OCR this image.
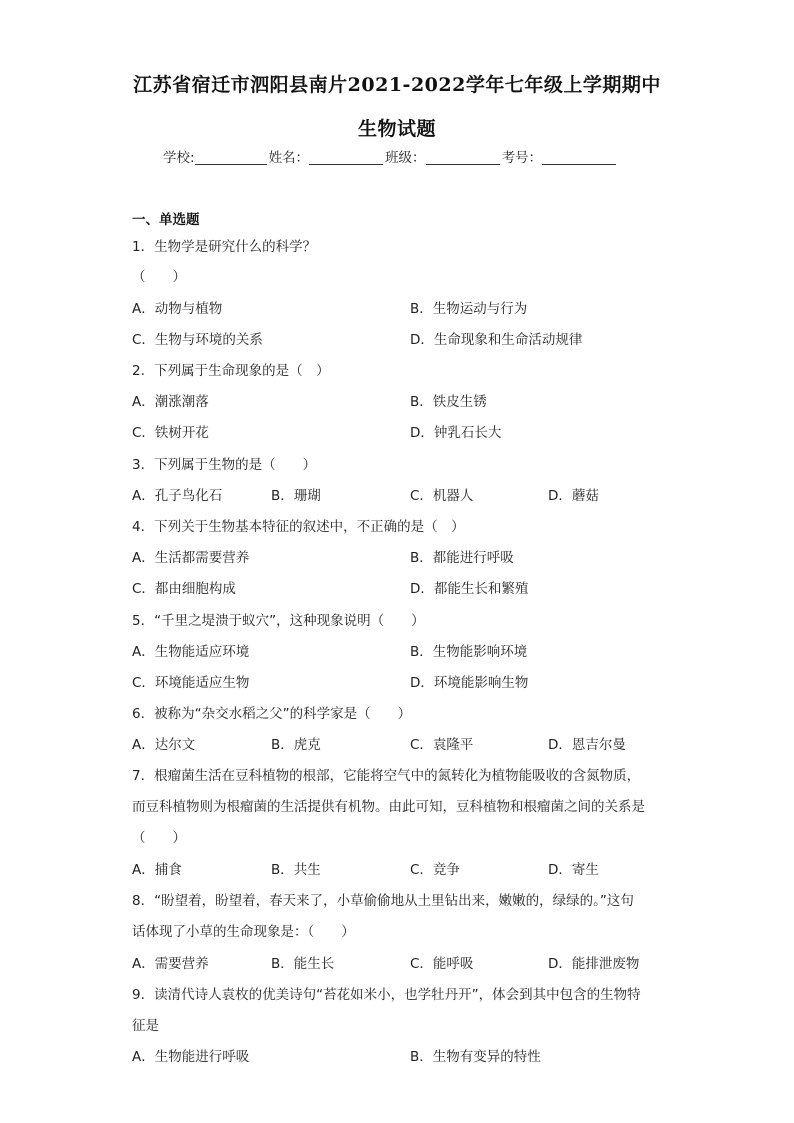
江苏省宿迁市泗阳县南片2021-2022学年七年级上学期期中
生物试题
学校:	姓名：	班级：	考号：
一、单选题
1．生物学是研究什么的科学？
（　　）
A．动物与植物	B．生物运动与行为
C．生物与环境的关系	D．生命现象和生命活动规律
2．下列属于生命现象的是（　）
A．潮涨潮落	B．铁皮生锈
C．铁树开花	D．钟乳石长大
3．下列属于生物的是（　　）
A．孔子鸟化石	B．珊瑚	C．机器人	D．蘑菇
4．下列关于生物基本特征的叙述中，不正确的是（　）
A．生活都需要营养	B．都能进行呼吸
C．都由细胞构成	D．都能生长和繁殖
5．“千里之堤溃于蚁穴”，这种现象说明（　　）
A．生物能适应环境	B．生物能影响环境
C．环境能适应生物	D．环境能影响生物
6．被称为“杂交水稻之父”的科学家是（　　）
A．达尔文	B．虎克	C．袁隆平	D．恩吉尔曼
7．根瘤菌生活在豆科植物的根部，它能将空气中的氮转化为植物能吸收的含氮物质，
而豆科植物则为根瘤菌的生活提供有机物。由此可知，豆科植物和根瘤菌之间的关系是
（　　）
A．捕食	B．共生	C．竞争	D．寄生
8．“盼望着，盼望着，春天来了，小草偷偷地从土里钻出来，嫩嫩的，绿绿的。”这句
话体现了小草的生命现象是：（　　）
A．需要营养	B．能生长	C．能呼吸	D．能排泄废物
9．读清代诗人袁枚的优美诗句“苔花如米小，也学牡丹开”，体会到其中包含的生物特
征是
A．生物能进行呼吸	B．生物有变异的特性
